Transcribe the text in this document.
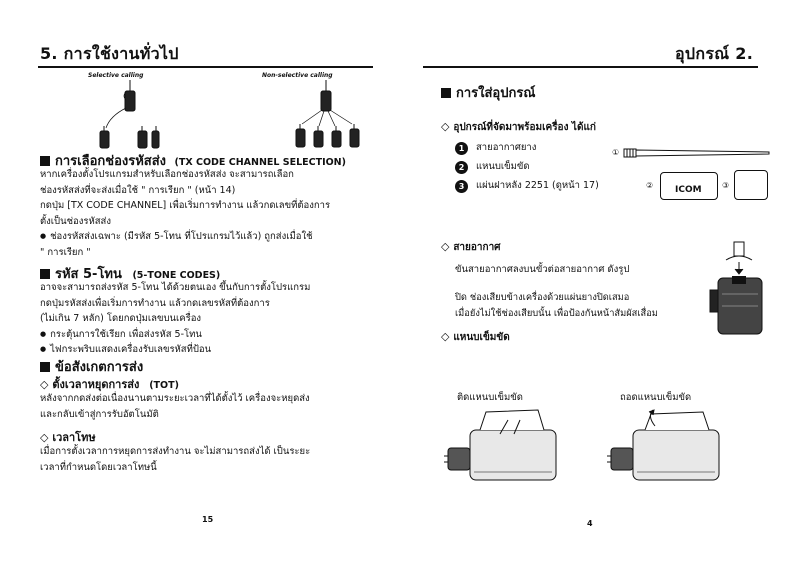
5. การใช้งานทั่วไป
Selective calling	Non-selective calling
การเลือกช่องรหัสส่ง (TX CODE CHANNEL SELECTION)
หากเครื่องตั้งโปรแกรมสำหรับเลือกช่องรหัสส่ง จะสามารถเลือก
ช่องรหัสส่งที่จะส่งเมื่อใช้ " การเรียก " (หน้า 14)
กดปุ่ม [TX CODE CHANNEL] เพื่อเริ่มการทำงาน แล้วกดเลขที่ต้องการ
ตั้งเป็นช่องรหัสส่ง
● ช่องรหัสส่งเฉพาะ (มีรหัส 5-โทน ที่โปรแกรมไว้แล้ว) ถูกส่งเมื่อใช้
" การเรียก "
รหัส 5-โทน (5-TONE CODES)
อาจจะสามารถส่งรหัส 5-โทน ได้ด้วยตนเอง ขึ้นกับการตั้งโปรแกรม
กดปุ่มรหัสส่งเพื่อเริ่มการทำงาน แล้วกดเลขรหัสที่ต้องการ
(ไม่เกิน 7 หลัก) โดยกดปุ่มเลขบนเครื่อง
● กระตุ้นการใช้เรียก เพื่อส่งรหัส 5-โทน
● ไฟกระพริบแสดงเครื่องรับเลขรหัสที่ป้อน
ข้อสังเกตการส่ง
◇ ตั้งเวลาหยุดการส่ง (TOT)
หลังจากกดส่งต่อเนื่องนานตามระยะเวลาที่ได้ตั้งไว้ เครื่องจะหยุดส่ง
และกลับเข้าสู่การรับอัตโนมัติ
◇ เวลาโทษ
เมื่อการตั้งเวลาการหยุดการส่งทำงาน จะไม่สามารถส่งได้ เป็นระยะ
เวลาที่กำหนดโดยเวลาโทษนี้
15
อุปกรณ์ 2.
การใส่อุปกรณ์
◇ อุปกรณ์ที่จัดมาพร้อมเครื่อง ได้แก่
1 สายอากาศยาง
2 แหนบเข็มขัด
3 แผ่นฝาหลัง 2251 (ดูหน้า 17)
①
② ICOM	③
◇ สายอากาศ
ขันสายอากาศลงบนขั้วต่อสายอากาศ ดังรูป
ปิด ช่องเสียบข้างเครื่องด้วยแผ่นยางปิดเสมอ
เมื่อยังไม่ใช้ช่องเสียบนั้น เพื่อป้องกันหน้าสัมผัสเสื่อม
◇ แหนบเข็มขัด
ติดแหนบเข็มขัด	ถอดแหนบเข็มขัด
4
